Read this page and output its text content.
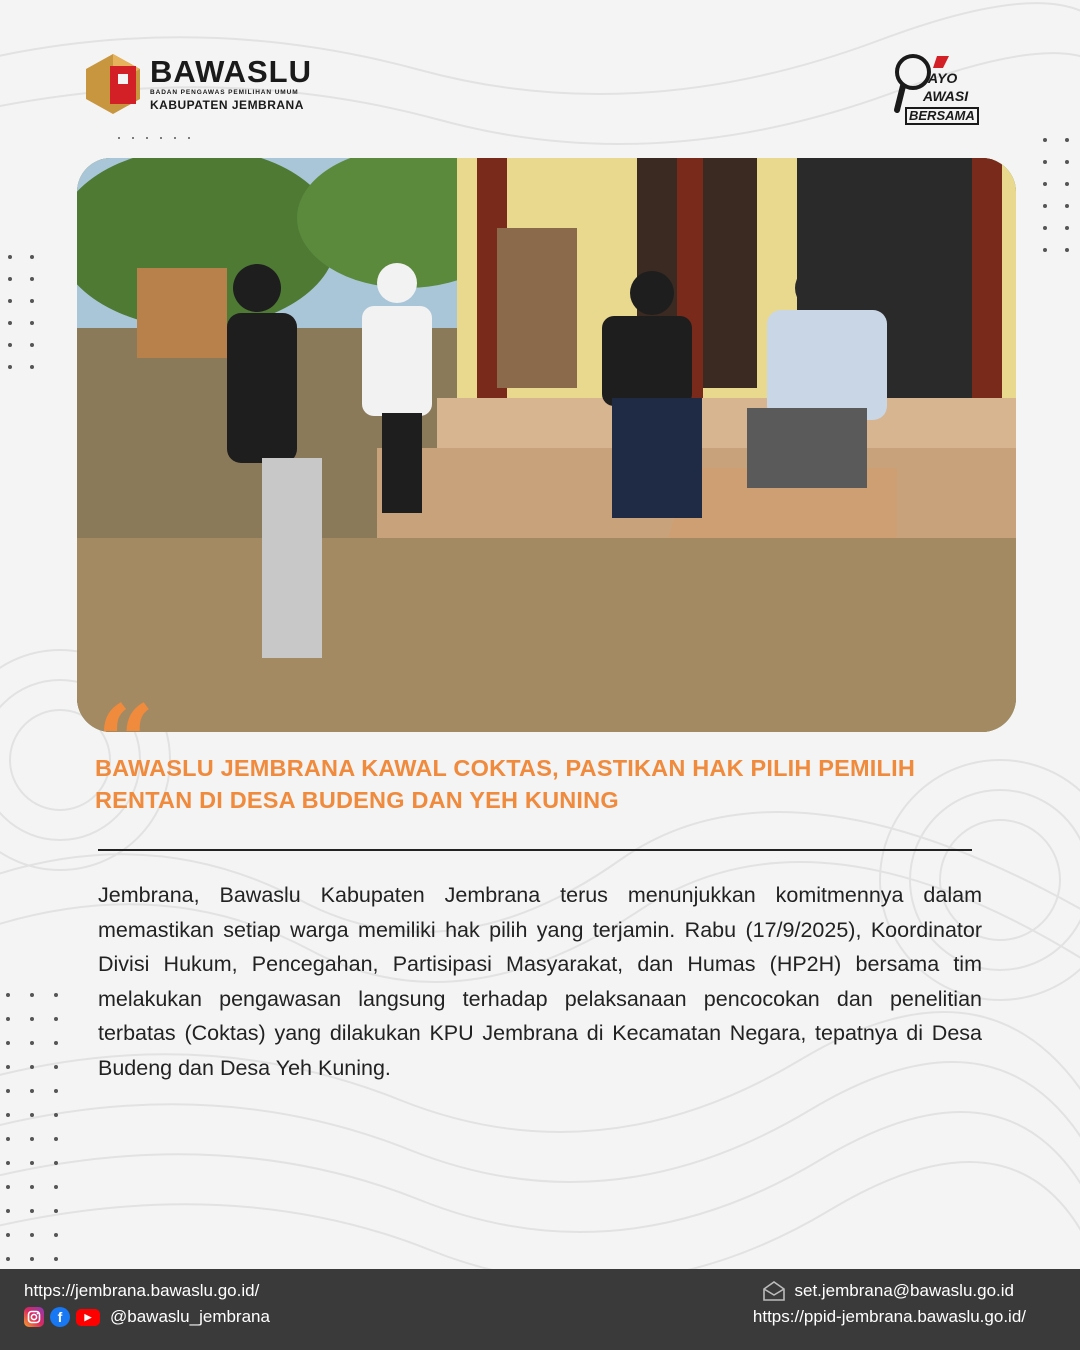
BAWASLU
BADAN PENGAWAS PEMILIHAN UMUM
KABUPATEN JEMBRANA
AYO
AWASI
BERSAMA
“
BAWASLU JEMBRANA KAWAL COKTAS, PASTIKAN HAK PILIH PEMILIH
RENTAN DI DESA BUDENG DAN YEH KUNING

Jembrana, Bawaslu Kabupaten Jembrana terus menunjukkan komitmennya dalam memastikan setiap warga memiliki hak pilih yang terjamin. Rabu (17/9/2025), Koordinator Divisi Hukum, Pencegahan, Partisipasi Masyarakat, dan Humas (HP2H) bersama tim melakukan pengawasan langsung terhadap pelaksanaan pencocokan dan penelitian terbatas (Coktas) yang dilakukan KPU Jembrana di Kecamatan Negara, tepatnya di Desa Budeng dan Desa Yeh Kuning.

https://jembrana.bawaslu.go.id/
f	▶	@bawaslu_jembrana
set.jembrana@bawaslu.go.id
https://ppid-jembrana.bawaslu.go.id/
